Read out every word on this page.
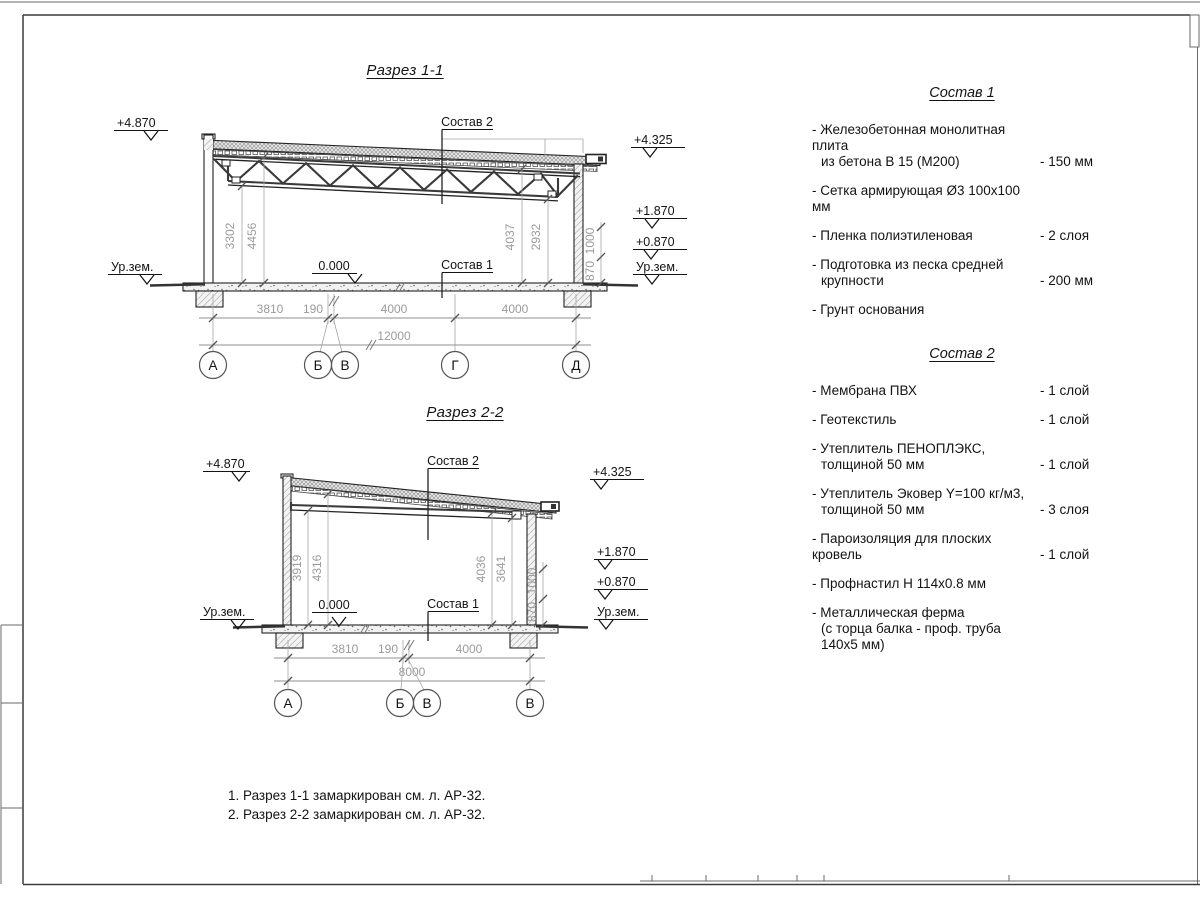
3302 4456	4037 2932
870
1000
3810 190	4000	4000
12000
А	Б В	Г	Д
+4.870
Ур.зем.
+4.325
+1.870
+0.870
Ур.зем.
0.000
Состав 2
Состав 1
3919 4316	4036 3641
870
1000
3810 190	4000
8000
А	Б В	В
+4.870
Ур.зем.
+4.325
+1.870
+0.870
Ур.зем.
0.000
Состав 2
Состав 1
Разрез 1-1
Разрез 2-2
Состав 1
- Железобетонная монолитная плита
из бетона В 15 (М200)	- 150 мм
- Сетка армирующая Ø3 100x100 мм
- Пленка полиэтиленовая	- 2 слоя
- Подготовка из песка средней
крупности	- 200 мм
- Грунт основания
Состав 2
- Мембрана ПВХ	- 1 слой
- Геотекстиль	- 1 слой
- Утеплитель ПЕНОПЛЭКС,
толщиной 50 мм	- 1 слой
- Утеплитель Эковер Y=100 кг/м3,
толщиной 50 мм	- 3 слоя
- Пароизоляция для плоских кровель	- 1 слой
- Профнастил Н 114х0.8 мм
- Металлическая ферма
(с торца балка - проф. труба 140х5 мм)
1. Разрез 1-1 замаркирован см. л. АР-32.
2. Разрез 2-2 замаркирован см. л. АР-32.
